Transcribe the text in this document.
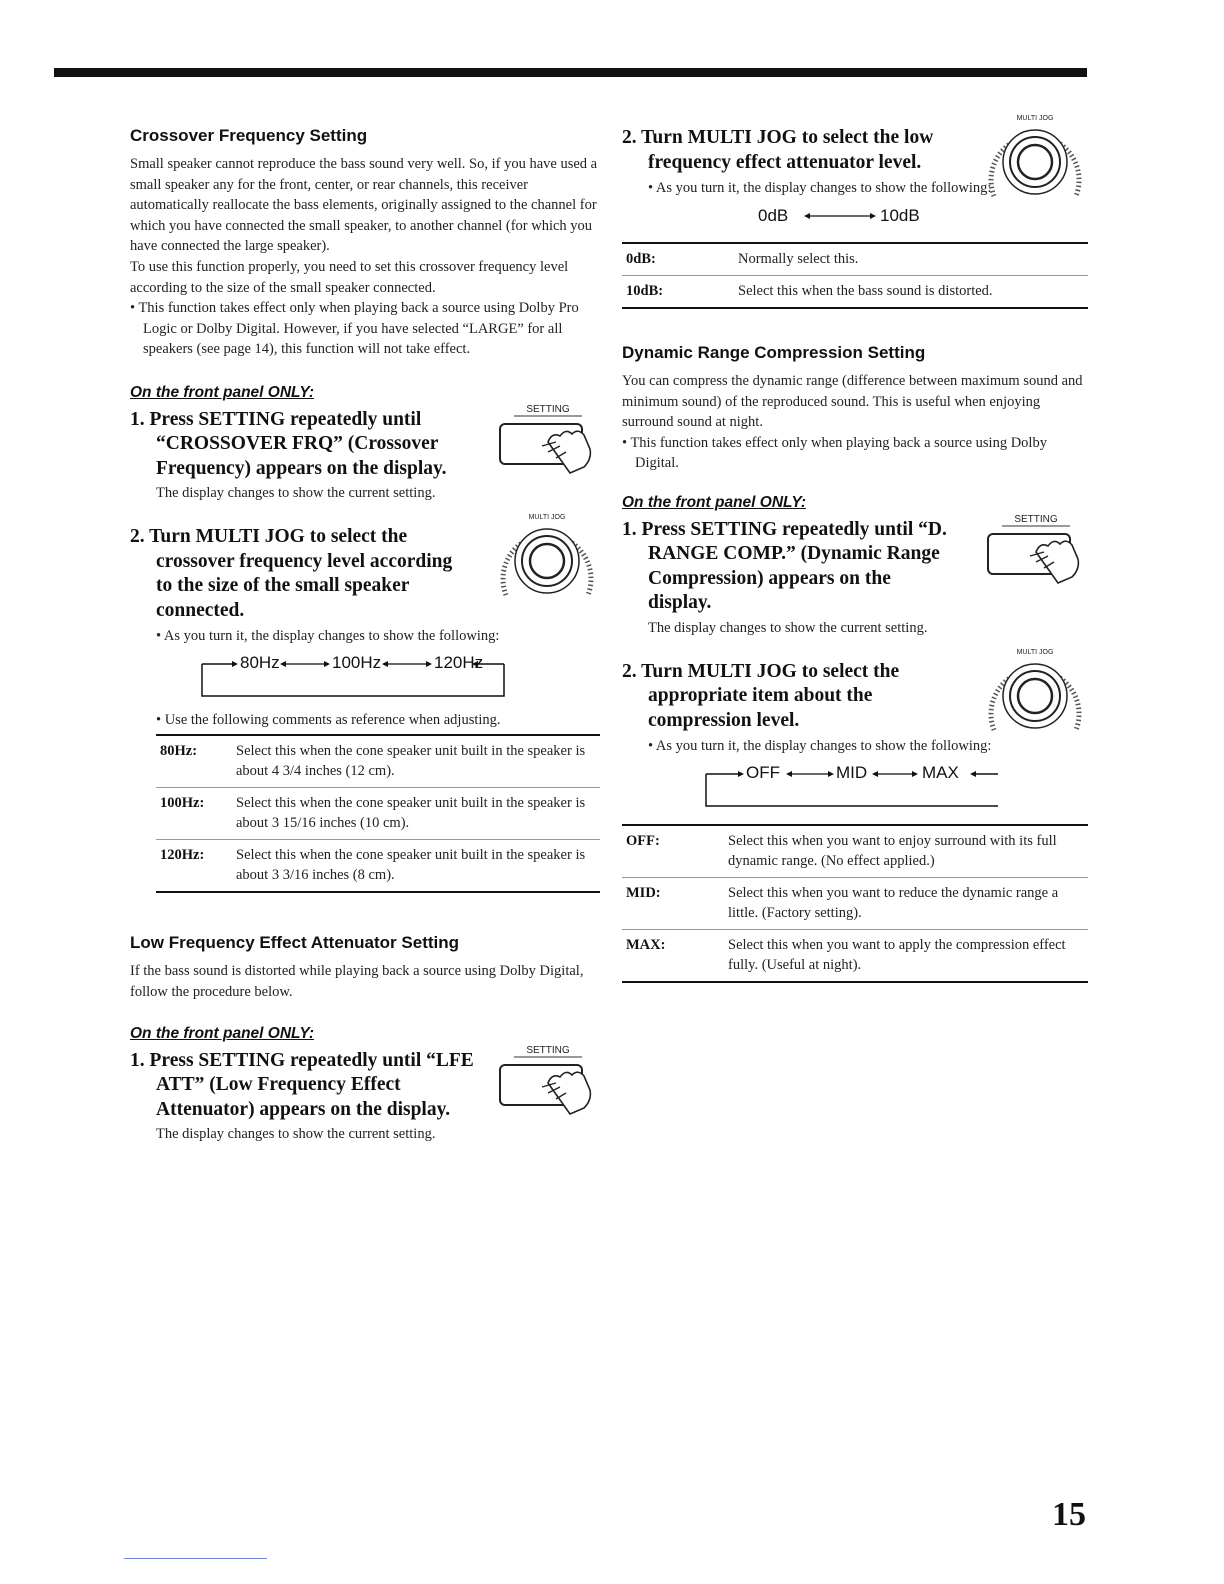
Crossover Frequency Setting

Small speaker cannot reproduce the bass sound very well. So, if you have used a small speaker any for the front, center, or rear channels, this receiver automatically reallocate the bass elements, originally assigned to the channel for which you have connected the small speaker, to another channel (for which you have connected the large speaker).

To use this function properly, you need to set this crossover frequency level according to the size of the small speaker connected.

• This function takes effect only when playing back a source using Dolby Pro Logic or Dolby Digital. However, if you have selected “LARGE” for all speakers (see page 14), this function will not take effect.

On the front panel ONLY:
1. Press SETTING repeatedly until “CROSSOVER FRQ” (Crossover Frequency) appears on the display.
The display changes to show the current setting.
SETTING
2. Turn MULTI JOG to select the crossover frequency level according to the size of the small speaker connected.
• As you turn it, the display changes to show the following:
MULTI JOG
80Hz	100Hz	120Hz

• Use the following comments as reference when adjusting.

80Hz:	Select this when the cone speaker unit built in the speaker is about 4 3/4 inches (12 cm).
100Hz:	Select this when the cone speaker unit built in the speaker is about 3 15/16 inches (10 cm).
120Hz:	Select this when the cone speaker unit built in the speaker is about 3 3/16 inches (8 cm).
Low Frequency Effect Attenuator Setting

If the bass sound is distorted while playing back a source using Dolby Digital, follow the procedure below.

On the front panel ONLY:
1. Press SETTING repeatedly until “LFE ATT” (Low Frequency Effect Attenuator) appears on the display.
The display changes to show the current setting.
SETTING
2. Turn MULTI JOG to select the low frequency effect attenuator level.
• As you turn it, the display changes to show the following:
MULTI JOG
0dB	10dB
0dB:	Normally select this.
10dB:	Select this when the bass sound is distorted.
Dynamic Range Compression Setting

You can compress the dynamic range (difference between maximum sound and minimum sound) of the reproduced sound. This is useful when enjoying surround sound at night.

• This function takes effect only when playing back a source using Dolby Digital.

On the front panel ONLY:
1. Press SETTING repeatedly until “D. RANGE COMP.” (Dynamic Range Compression) appears on the display.
The display changes to show the current setting.
SETTING
2. Turn MULTI JOG to select the appropriate item about the compression level.
• As you turn it, the display changes to show the following:
MULTI JOG
OFF	MID	MAX
OFF:	Select this when you want to enjoy surround with its full dynamic range. (No effect applied.)
MID:	Select this when you want to reduce the dynamic range a little. (Factory setting).
MAX:	Select this when you want to apply the compression effect fully. (Useful at night).
15
